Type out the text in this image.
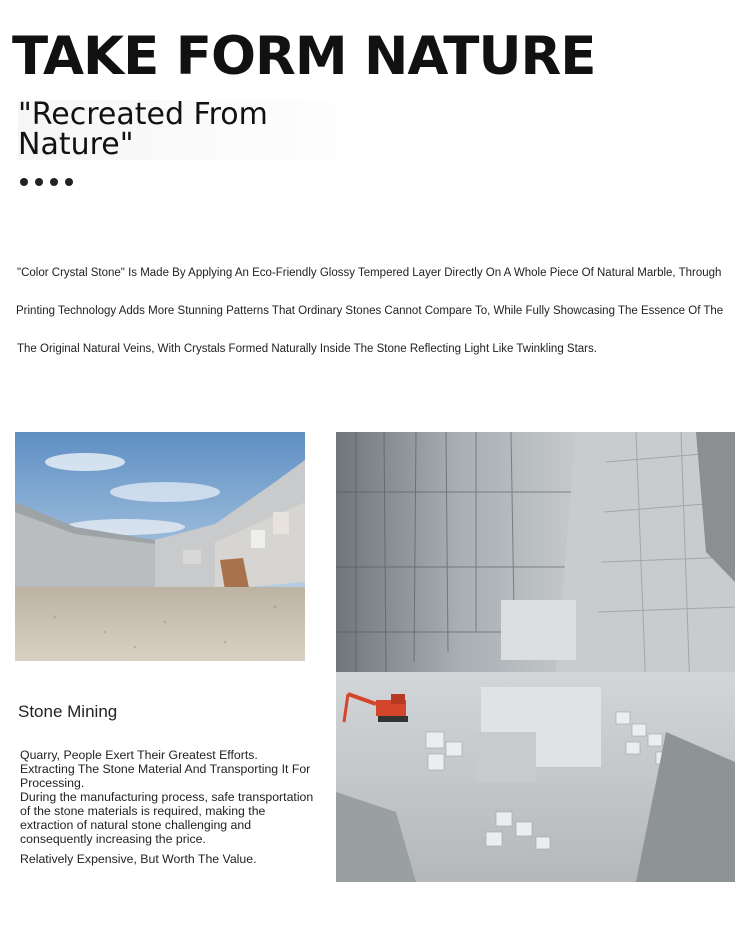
TAKE FORM NATURE
"Recreated From
Nature"
"Color Crystal Stone" Is Made By Applying An Eco-Friendly Glossy Tempered Layer Directly On A Whole Piece Of Natural Marble, Through
Printing Technology Adds More Stunning Patterns That Ordinary Stones Cannot Compare To, While Fully Showcasing The Essence Of The
The Original Natural Veins, With Crystals Formed Naturally Inside The Stone Reflecting Light Like Twinkling Stars.
Stone Mining

Quarry, People Exert Their Greatest Efforts.

Extracting The Stone Material And Transporting It For Processing.

During the manufacturing process, safe transportation of the stone materials is required, making the extraction of natural stone challenging and consequently increasing the price.

Relatively Expensive, But Worth The Value.
